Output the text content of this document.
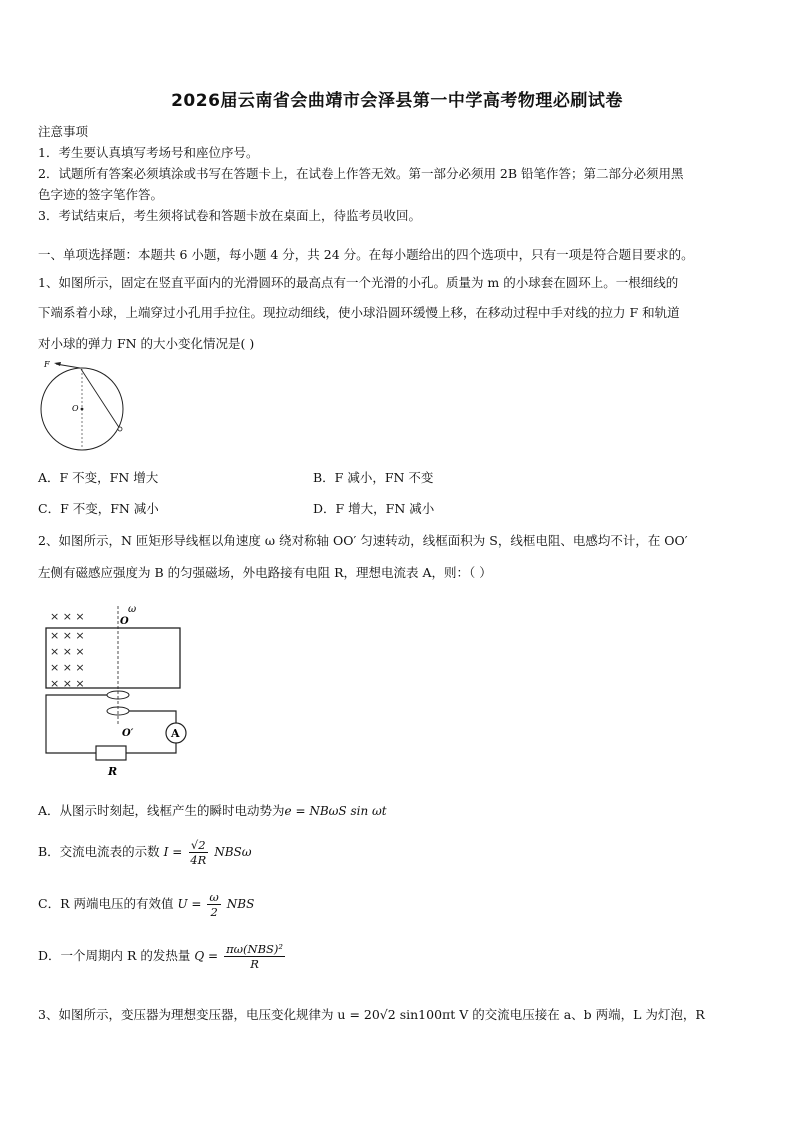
2026届云南省会曲靖市会泽县第一中学高考物理必刷试卷
注意事项
1．考生要认真填写考场号和座位序号。
2．试题所有答案必须填涂或书写在答题卡上，在试卷上作答无效。第一部分必须用 2B 铅笔作答；第二部分必须用黑
色字迹的签字笔作答。
3．考试结束后，考生须将试卷和答题卡放在桌面上，待监考员收回。
一、单项选择题：本题共 6 小题，每小题 4 分，共 24 分。在每小题给出的四个选项中，只有一项是符合题目要求的。
1、如图所示，固定在竖直平面内的光滑圆环的最高点有一个光滑的小孔。质量为 m 的小球套在圆环上。一根细线的
下端系着小球，上端穿过小孔用手拉住。现拉动细线，使小球沿圆环缓慢上移，在移动过程中手对线的拉力 F 和轨道
对小球的弹力 FN 的大小变化情况是( )
F
O
A．F 不变，FN 增大	B．F 减小，FN 不变
C．F 不变，FN 减小	D．F 增大，FN 减小
2、如图所示，N 匝矩形导线框以角速度 ω 绕对称轴 OO′ 匀速转动，线框面积为 S，线框电阻、电感均不计，在 OO′
左侧有磁感应强度为 B 的匀强磁场，外电路接有电阻 R，理想电流表 A，则：（ ）
× × ×
× × ×
× × ×
× × ×
× × ×
O
ω
O′	A
R
A．从图示时刻起，线框产生的瞬时电动势为e = NBωS sin ωt
B．交流电流表的示数 $I = \frac{√2}{4R}$ NBSω
C．R 两端电压的有效值 $U = \frac{\omega}{2}$ NBS
D．一个周期内 R 的发热量 $Q = \frac{\text{πω(NBS)²}}{R}$
3、如图所示，变压器为理想变压器，电压变化规律为 u = 20√2 sin100πt V 的交流电压接在 a、b 两端，L 为灯泡，R
